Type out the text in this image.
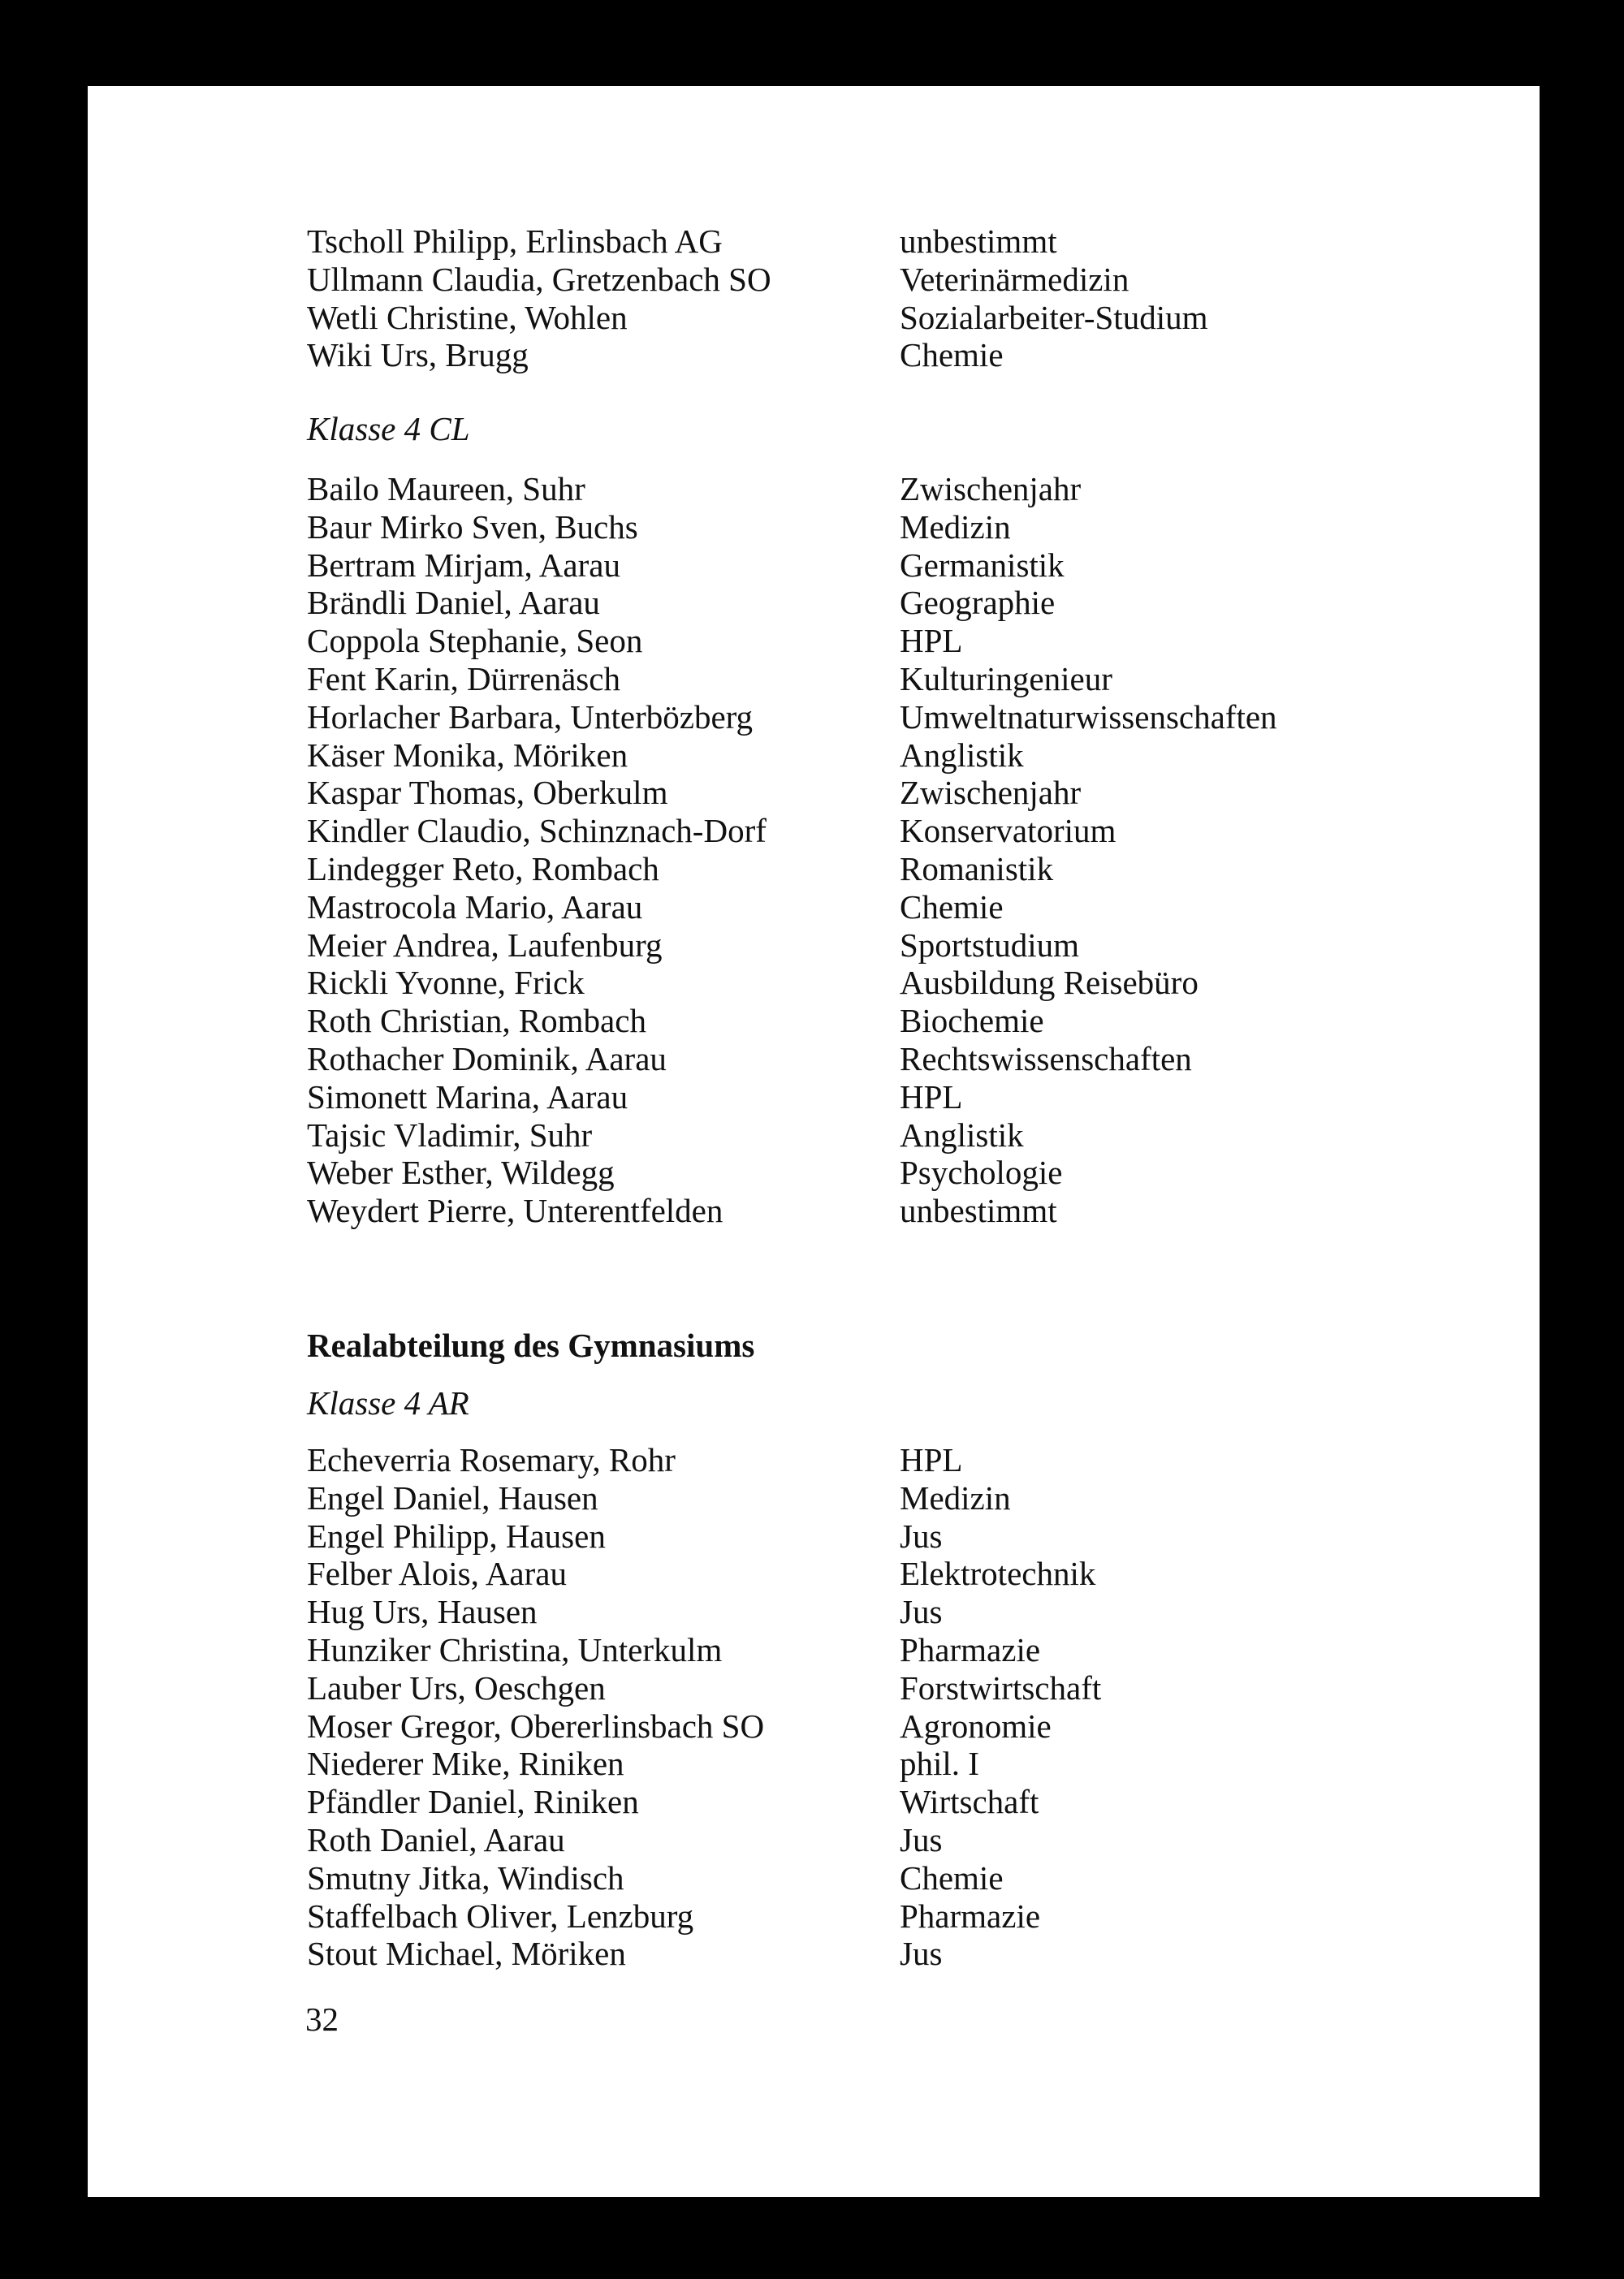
Klasse 4 CL
Realabteilung des Gymnasiums
Klasse 4 AR
32
Tscholl Philipp, Erlinsbach AG	unbestimmt
Ullmann Claudia, Gretzenbach SO	Veterinärmedizin
Wetli Christine, Wohlen	Sozialarbeiter-Studium
Wiki Urs, Brugg	Chemie
Bailo Maureen, Suhr	Zwischenjahr
Baur Mirko Sven, Buchs	Medizin
Bertram Mirjam, Aarau	Germanistik
Brändli Daniel, Aarau	Geographie
Coppola Stephanie, Seon	HPL
Fent Karin, Dürrenäsch	Kulturingenieur
Horlacher Barbara, Unterbözberg	Umweltnaturwissenschaften
Käser Monika, Möriken	Anglistik
Kaspar Thomas, Oberkulm	Zwischenjahr
Kindler Claudio, Schinznach-Dorf	Konservatorium
Lindegger Reto, Rombach	Romanistik
Mastrocola Mario, Aarau	Chemie
Meier Andrea, Laufenburg	Sportstudium
Rickli Yvonne, Frick	Ausbildung Reisebüro
Roth Christian, Rombach	Biochemie
Rothacher Dominik, Aarau	Rechtswissenschaften
Simonett Marina, Aarau	HPL
Tajsic Vladimir, Suhr	Anglistik
Weber Esther, Wildegg	Psychologie
Weydert Pierre, Unterentfelden	unbestimmt
Echeverria Rosemary, Rohr	HPL
Engel Daniel, Hausen	Medizin
Engel Philipp, Hausen	Jus
Felber Alois, Aarau	Elektrotechnik
Hug Urs, Hausen	Jus
Hunziker Christina, Unterkulm	Pharmazie
Lauber Urs, Oeschgen	Forstwirtschaft
Moser Gregor, Obererlinsbach SO	Agronomie
Niederer Mike, Riniken	phil. I
Pfändler Daniel, Riniken	Wirtschaft
Roth Daniel, Aarau	Jus
Smutny Jitka, Windisch	Chemie
Staffelbach Oliver, Lenzburg	Pharmazie
Stout Michael, Möriken	Jus
